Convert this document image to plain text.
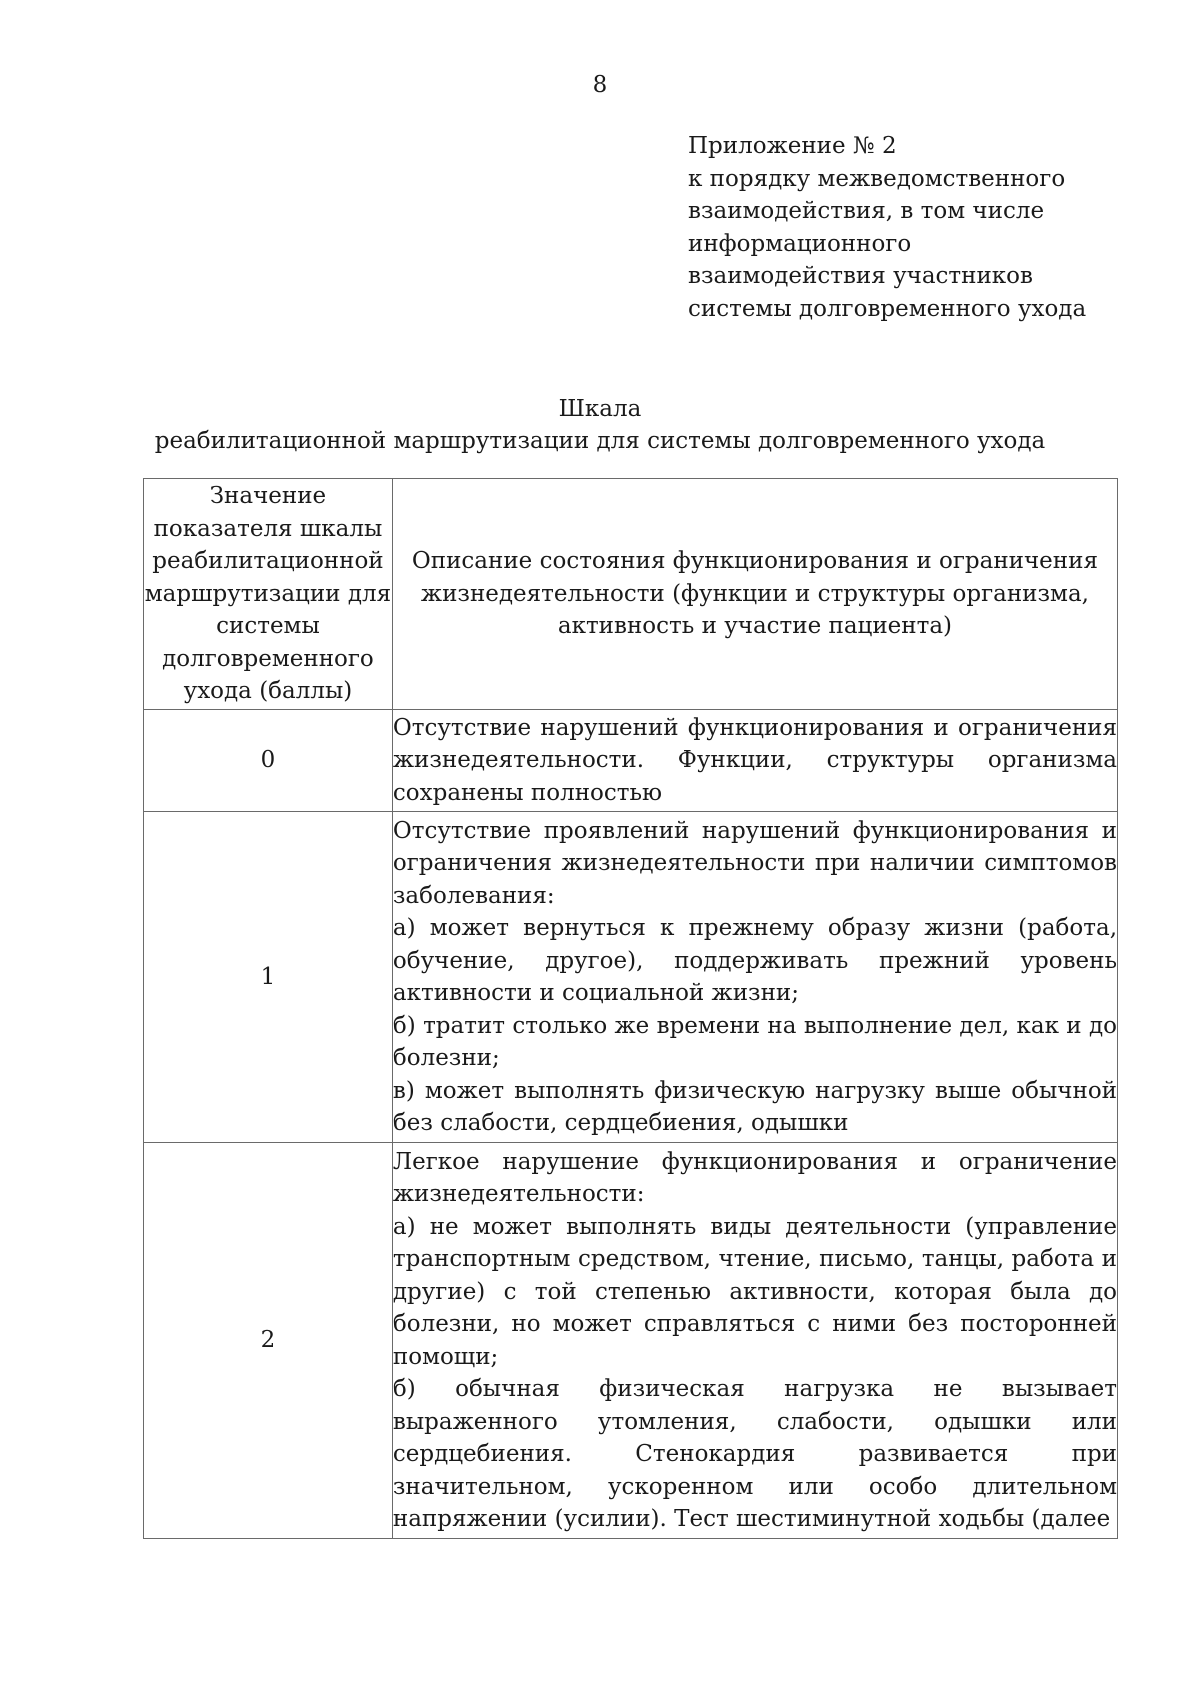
8
Приложение № 2
к порядку межведомственного
взаимодействия, в том числе
информационного
взаимодействия участников
системы долговременного ухода
Шкала
реабилитационной маршрутизации для системы долговременного ухода
Значение показателя шкалы реабилитационной маршрутизации для системы долговременного ухода (баллы)	Описание состояния функционирования и ограничения жизнедеятельности (функции и структуры организма, активность и участие пациента)
0	Отсутствие нарушений функционирования и ограничения жизнедеятельности. Функции, структуры организма сохранены полностью

1	Отсутствие проявлений нарушений функционирования и ограничения жизнедеятельности при наличии симптомов заболевания:
а) может вернуться к прежнему образу жизни (работа, обучение, другое), поддерживать прежний уровень активности и социальной жизни;
б) тратит столько же времени на выполнение дел, как и до болезни;
в) может выполнять физическую нагрузку выше обычной без слабости, сердцебиения, одышки

2	Легкое нарушение функционирования и ограничение жизнедеятельности:
а) не может выполнять виды деятельности (управление транспортным средством, чтение, письмо, танцы, работа и другие) с той степенью активности, которая была до болезни, но может справляться с ними без посторонней помощи;
б) обычная физическая нагрузка не вызывает выраженного утомления, слабости, одышки или сердцебиения. Стенокардия развивается при значительном, ускоренном или особо длительном напряжении (усилии). Тест шестиминутной ходьбы (далее
